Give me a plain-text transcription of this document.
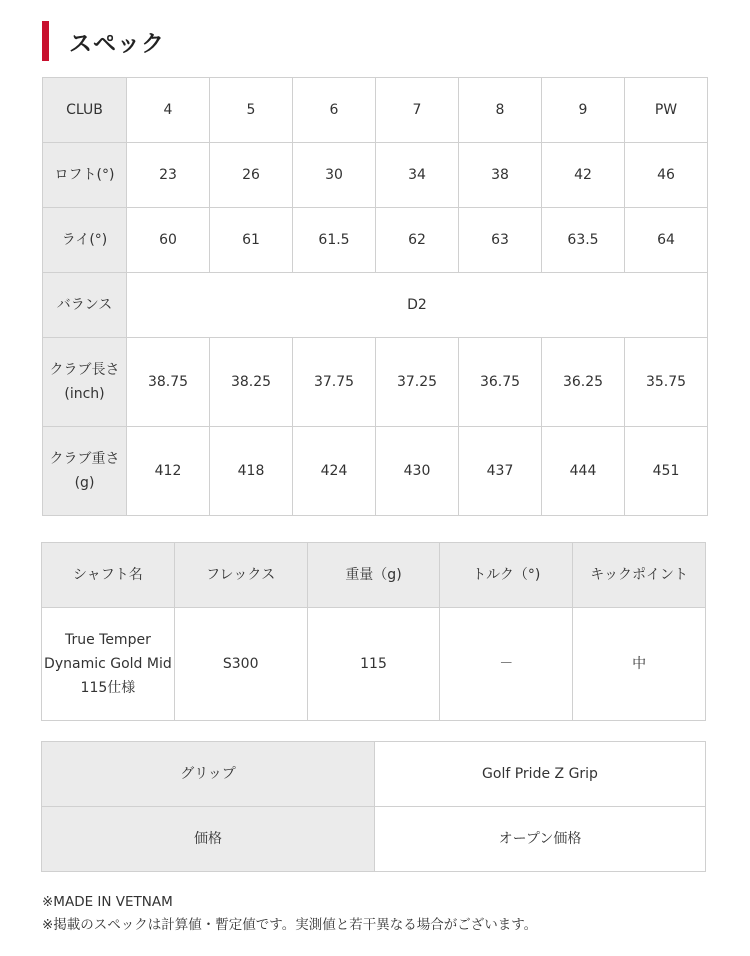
スペック
CLUB	4	5	6	7	8	9	PW
ロフト(°)	23	26	30	34	38	42	46
ライ(°)	60	61	61.5	62	63	63.5	64
バランス	D2						

クラブ長さ
(inch)	38.75	38.25	37.75	37.25	36.75	36.25	35.75

クラブ重さ
(g)	412	418	424	430	437	444	451
シャフト名	フレックス	重量（g)	トルク（°)	キックポイント

True Temper
Dynamic Gold Mid
115仕様	S300	115	－	中
グリップ	Golf Pride Z Grip
価格	オープン価格
※MADE IN VETNAM
※掲載のスペックは計算値・暫定値です。実測値と若干異なる場合がございます。
